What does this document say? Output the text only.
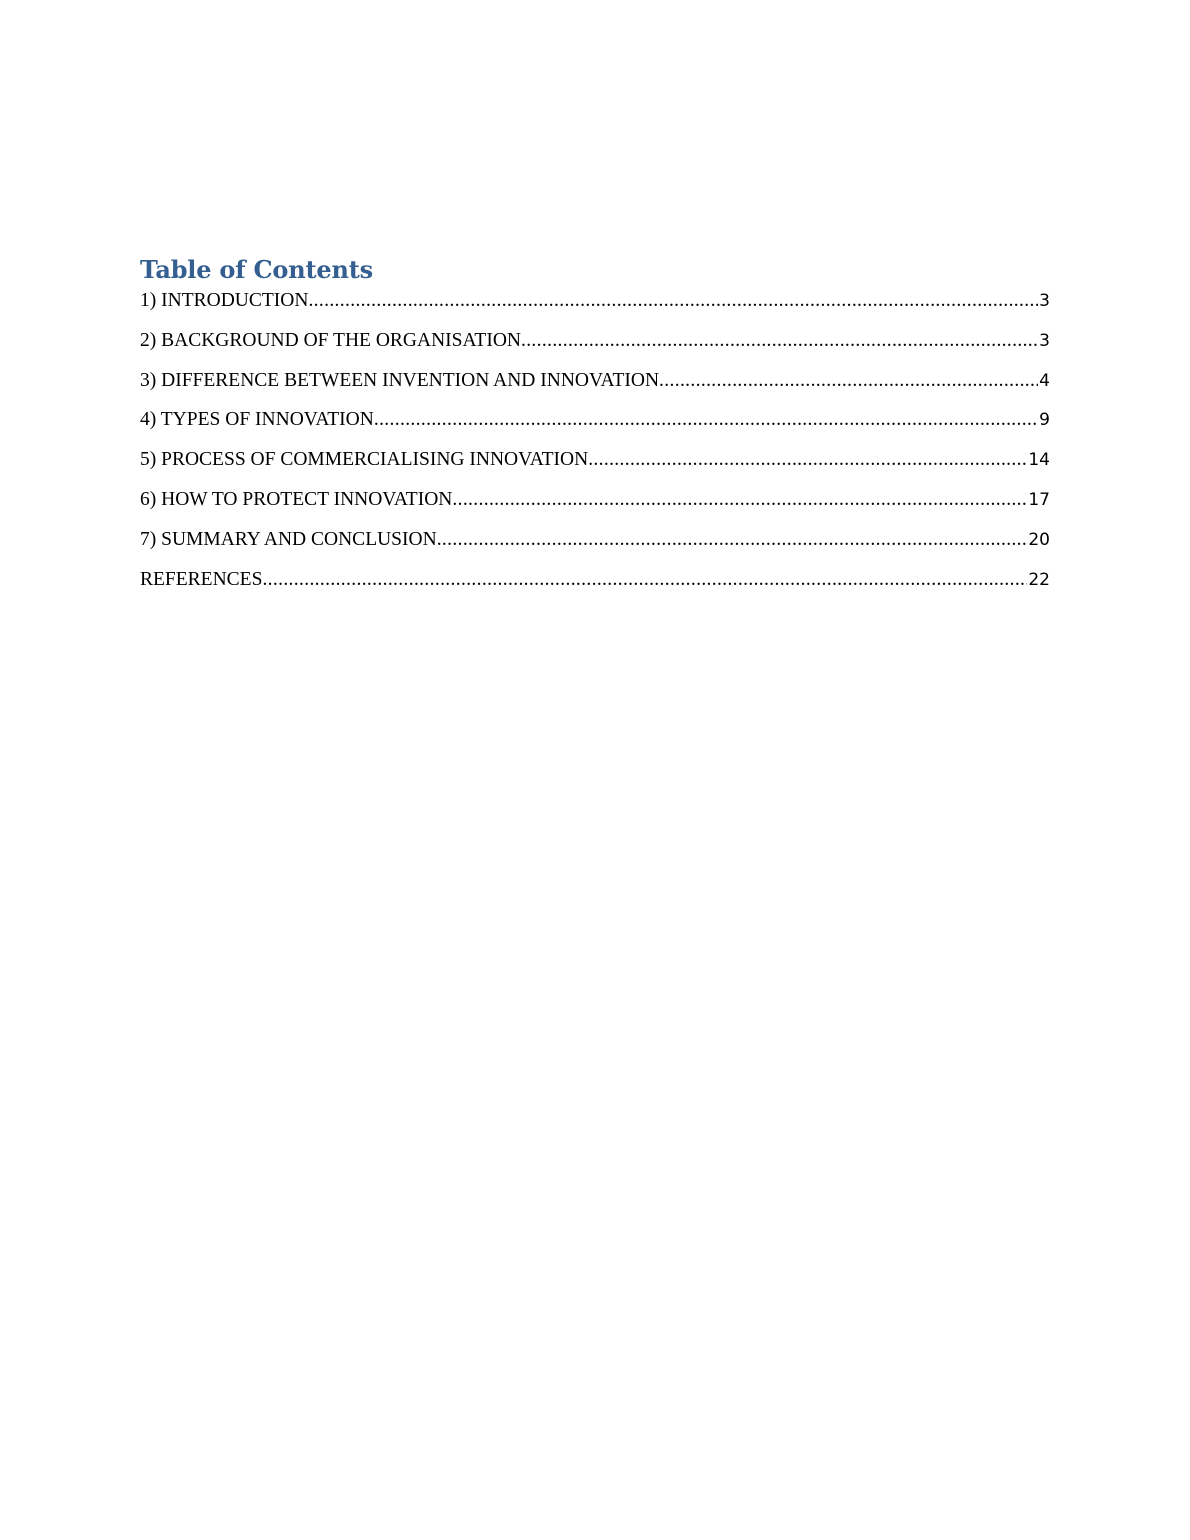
Table of Contents
1) INTRODUCTION .....	3
2) BACKGROUND OF THE ORGANISATION .....	3
3) DIFFERENCE BETWEEN INVENTION AND INNOVATION .....	4
4) TYPES OF INNOVATION .....	9
5) PROCESS OF COMMERCIALISING INNOVATION .....	14
6) HOW TO PROTECT INNOVATION .....	17
7) SUMMARY AND CONCLUSION .....	20
REFERENCES .....	22
